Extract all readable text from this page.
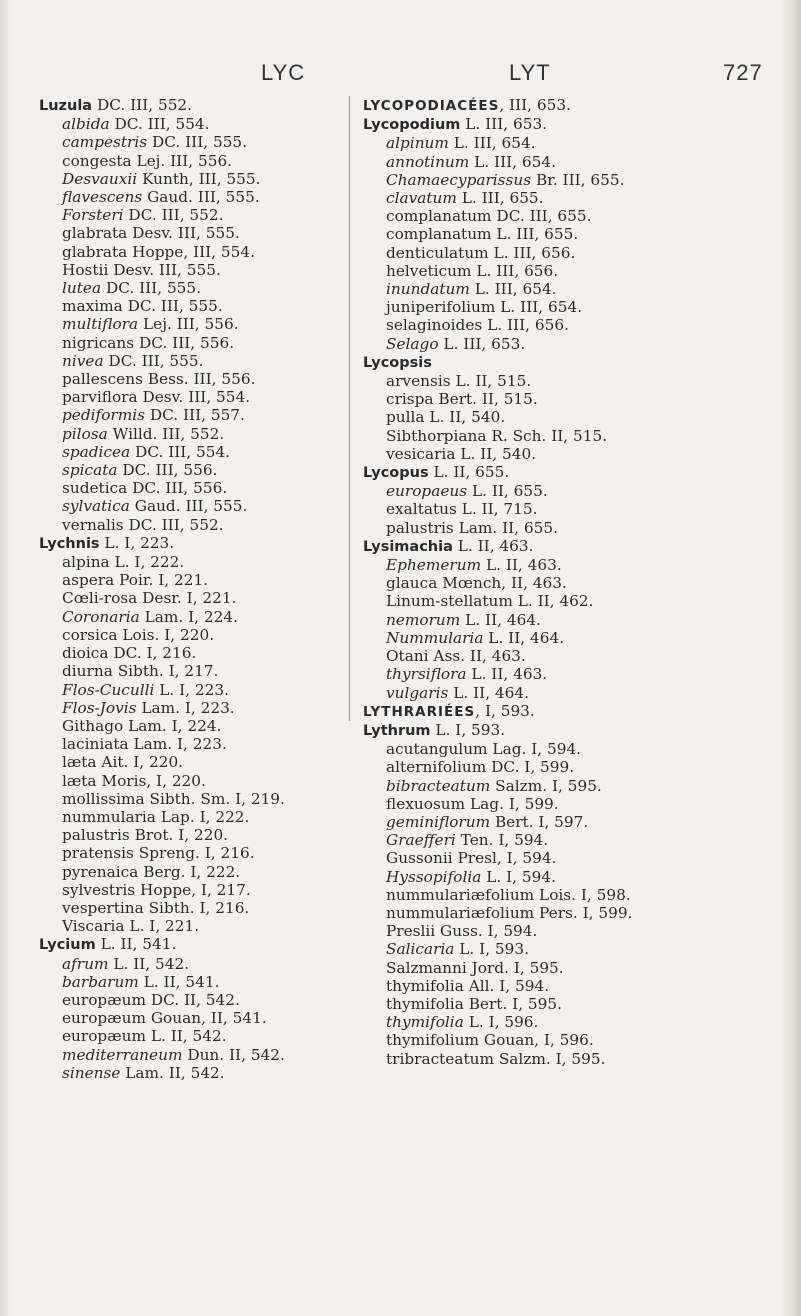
LYC	LYT	727
Luzula DC. III, 552.
albida DC. III, 554.
campestris DC. III, 555.
congesta Lej. III, 556.
Desvauxii Kunth, III, 555.
flavescens Gaud. III, 555.
Forsteri DC. III, 552.
glabrata Desv. III, 555.
glabrata Hoppe, III, 554.
Hostii Desv. III, 555.
lutea DC. III, 555.
maxima DC. III, 555.
multiflora Lej. III, 556.
nigricans DC. III, 556.
nivea DC. III, 555.
pallescens Bess. III, 556.
parviflora Desv. III, 554.
pediformis DC. III, 557.
pilosa Willd. III, 552.
spadicea DC. III, 554.
spicata DC. III, 556.
sudetica DC. III, 556.
sylvatica Gaud. III, 555.
vernalis DC. III, 552.
Lychnis L. I, 223.
alpina L. I, 222.
aspera Poir. I, 221.
Cœli-rosa Desr. I, 221.
Coronaria Lam. I, 224.
corsica Lois. I, 220.
dioica DC. I, 216.
diurna Sibth. I, 217.
Flos-Cuculli L. I, 223.
Flos-Jovis Lam. I, 223.
Githago Lam. I, 224.
laciniata Lam. I, 223.
læta Ait. I, 220.
læta Moris, I, 220.
mollissima Sibth. Sm. I, 219.
nummularia Lap. I, 222.
palustris Brot. I, 220.
pratensis Spreng. I, 216.
pyrenaica Berg. I, 222.
sylvestris Hoppe, I, 217.
vespertina Sibth. I, 216.
Viscaria L. I, 221.
Lycium L. II, 541.
afrum L. II, 542.
barbarum L. II, 541.
europæum DC. II, 542.
europæum Gouan, II, 541.
europæum L. II, 542.
mediterraneum Dun. II, 542.
sinense Lam. II, 542.
LYCOPODIACÉES, III, 653.
Lycopodium L. III, 653.
alpinum L. III, 654.
annotinum L. III, 654.
Chamaecyparissus Br. III, 655.
clavatum L. III, 655.
complanatum DC. III, 655.
complanatum L. III, 655.
denticulatum L. III, 656.
helveticum L. III, 656.
inundatum L. III, 654.
juniperifolium L. III, 654.
selaginoides L. III, 656.
Selago L. III, 653.
Lycopsis
arvensis L. II, 515.
crispa Bert. II, 515.
pulla L. II, 540.
Sibthorpiana R. Sch. II, 515.
vesicaria L. II, 540.
Lycopus L. II, 655.
europaeus L. II, 655.
exaltatus L. II, 715.
palustris Lam. II, 655.
Lysimachia L. II, 463.
Ephemerum L. II, 463.
glauca Mœnch, II, 463.
Linum-stellatum L. II, 462.
nemorum L. II, 464.
Nummularia L. II, 464.
Otani Ass. II, 463.
thyrsiflora L. II, 463.
vulgaris L. II, 464.
LYTHRARIÉES, I, 593.
Lythrum L. I, 593.
acutangulum Lag. I, 594.
alternifolium DC. I, 599.
bibracteatum Salzm. I, 595.
flexuosum Lag. I, 599.
geminiflorum Bert. I, 597.
Graefferi Ten. I, 594.
Gussonii Presl, I, 594.
Hyssopifolia L. I, 594.
nummulariæfolium Lois. I, 598.
nummulariæfolium Pers. I, 599.
Preslii Guss. I, 594.
Salicaria L. I, 593.
Salzmanni Jord. I, 595.
thymifolia All. I, 594.
thymifolia Bert. I, 595.
thymifolia L. I, 596.
thymifolium Gouan, I, 596.
tribracteatum Salzm. I, 595.
